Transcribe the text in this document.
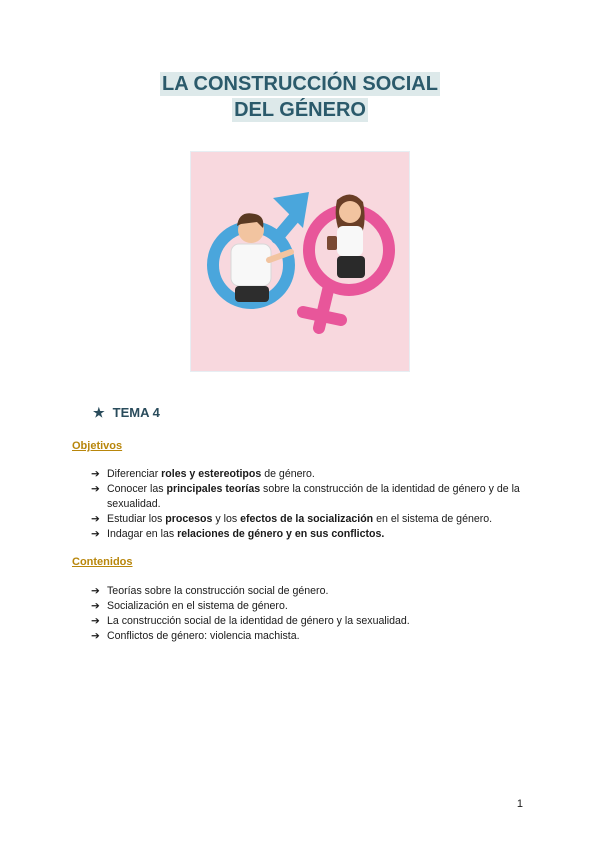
LA CONSTRUCCIÓN SOCIAL
DEL GÉNERO
★ TEMA 4
Objetivos
➔ Diferenciar roles y estereotipos de género.
➔ Conocer las principales teorías sobre la construcción de la identidad de género y de la sexualidad.
➔ Estudiar los procesos y los efectos de la socialización en el sistema de género.
➔ Indagar en las relaciones de género y en sus conflictos.
Contenidos
➔ Teorías sobre la construcción social de género.
➔ Socialización en el sistema de género.
➔ La construcción social de la identidad de género y la sexualidad.
➔ Conflictos de género: violencia machista.
1
